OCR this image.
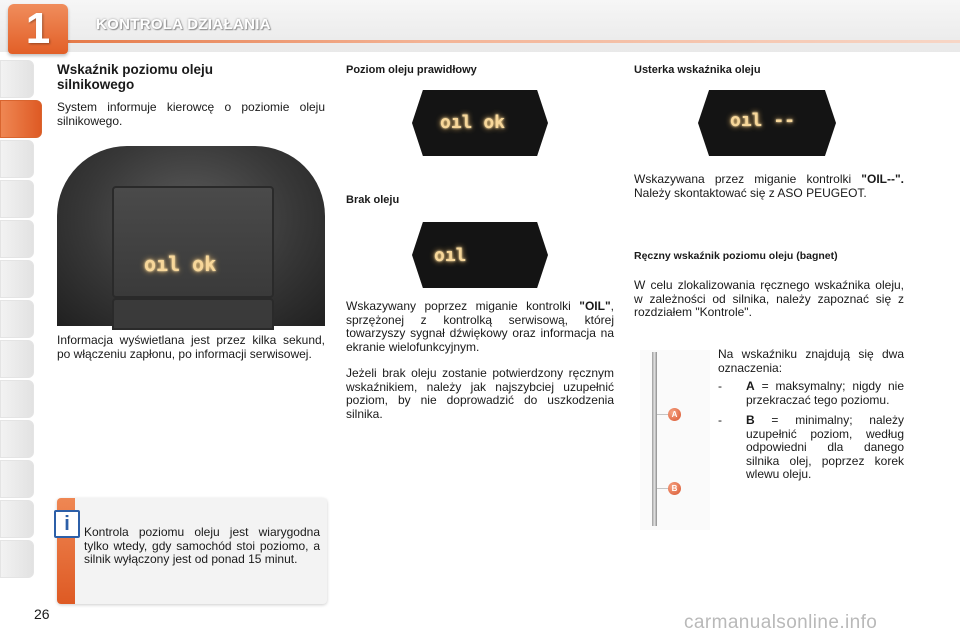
1	KONTROLA DZIAŁANIA
Wskaźnik poziomu oleju silnikowego
System informuje kierowcę o poziomie oleju silnikowego.
oıl ok
Informacja wyświetlana jest przez kilka sekund, po włączeniu zapłonu, po informacji serwisowej.
i	Kontrola poziomu oleju jest wiarygodna tylko wtedy, gdy samochód stoi poziomo, a silnik wyłączony jest od ponad 15 minut.
Poziom oleju prawidłowy
oıl ok
Brak oleju
oıl
Wskazywany poprzez miganie kontrolki "OIL", sprzężonej z kontrolką serwisową, której towarzyszy sygnał dźwiękowy oraz informacja na ekranie wielofunkcyjnym.
Jeżeli brak oleju zostanie potwierdzony ręcznym wskaźnikiem, należy jak najszybciej uzupełnić poziom, by nie doprowadzić do uszkodzenia silnika.
Usterka wskaźnika oleju
oıl --
Wskazywana przez miganie kontrolki "OIL--". Należy skontaktować się z ASO PEUGEOT.
Ręczny wskaźnik poziomu oleju (bagnet)
W celu zlokalizowania ręcznego wskaźnika oleju, w zależności od silnika, należy zapoznać się z rozdziałem "Kontrole".
A
B
Na wskaźniku znajdują się dwa oznaczenia:
- A = maksymalny; nigdy nie przekraczać tego poziomu.
- B = minimalny; należy uzupełnić poziom, według odpowiedni dla danego silnika olej, poprzez korek wlewu oleju.
26	carmanualsonline.info
